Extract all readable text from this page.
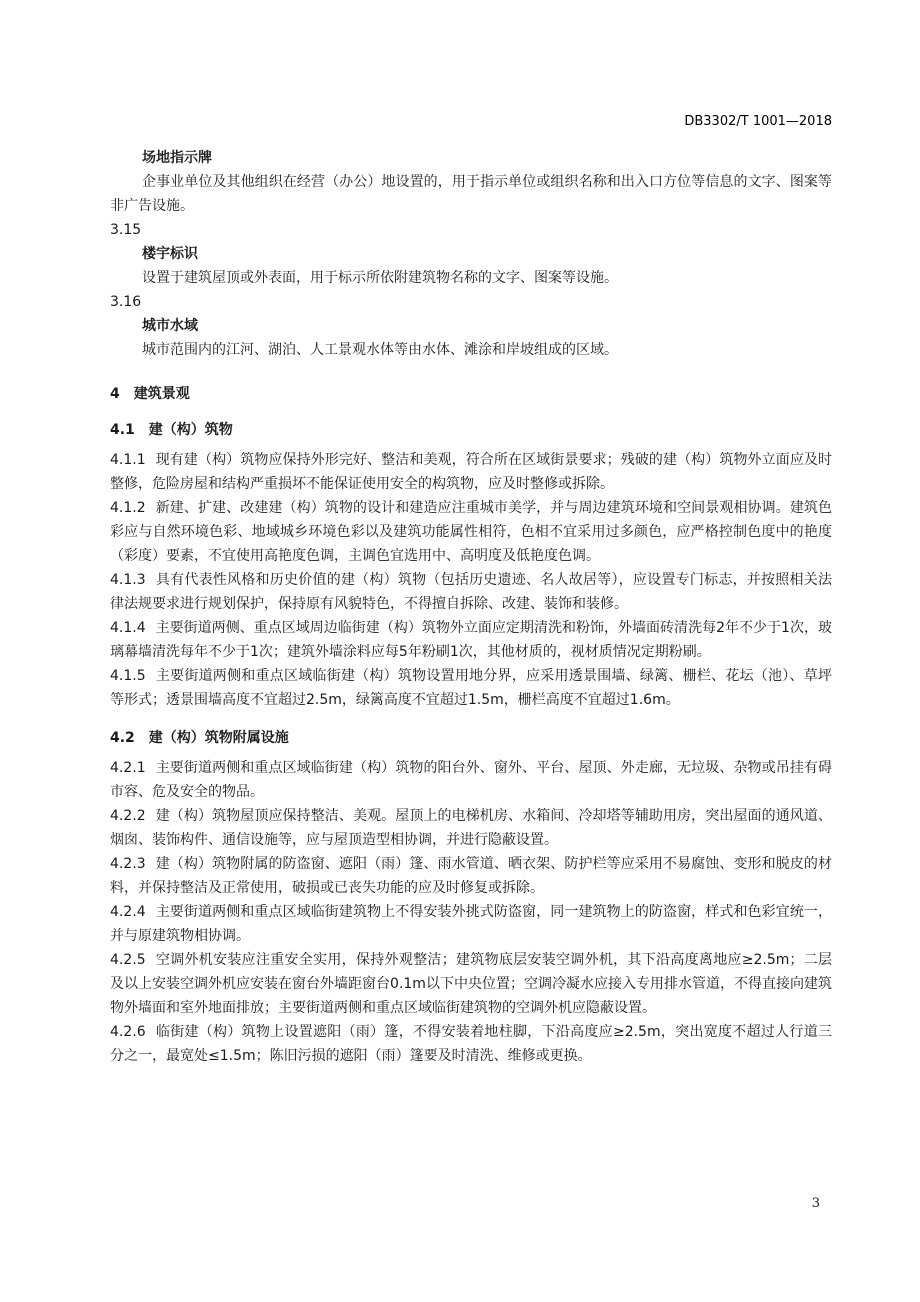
DB3302/T 1001—2018
场地指示牌
企事业单位及其他组织在经营（办公）地设置的，用于指示单位或组织名称和出入口方位等信息的文字、图案等非广告设施。
3.15
楼宇标识
设置于建筑屋顶或外表面，用于标示所依附建筑物名称的文字、图案等设施。
3.16
城市水域
城市范围内的江河、湖泊、人工景观水体等由水体、滩涂和岸坡组成的区域。
4　建筑景观
4.1　建（构）筑物
4.1.1 现有建（构）筑物应保持外形完好、整洁和美观，符合所在区域街景要求；残破的建（构）筑物外立面应及时整修，危险房屋和结构严重损坏不能保证使用安全的构筑物，应及时整修或拆除。
4.1.2 新建、扩建、改建建（构）筑物的设计和建造应注重城市美学，并与周边建筑环境和空间景观相协调。建筑色彩应与自然环境色彩、地域城乡环境色彩以及建筑功能属性相符，色相不宜采用过多颜色，应严格控制色度中的艳度（彩度）要素，不宜使用高艳度色调，主调色宜选用中、高明度及低艳度色调。
4.1.3 具有代表性风格和历史价值的建（构）筑物（包括历史遗迹、名人故居等），应设置专门标志，并按照相关法律法规要求进行规划保护，保持原有风貌特色，不得擅自拆除、改建、装饰和装修。
4.1.4 主要街道两侧、重点区域周边临街建（构）筑物外立面应定期清洗和粉饰，外墙面砖清洗每2年不少于1次，玻璃幕墙清洗每年不少于1次；建筑外墙涂料应每5年粉刷1次，其他材质的，视材质情况定期粉刷。
4.1.5 主要街道两侧和重点区域临街建（构）筑物设置用地分界，应采用透景围墙、绿篱、栅栏、花坛（池）、草坪等形式；透景围墙高度不宜超过2.5m，绿篱高度不宜超过1.5m，栅栏高度不宜超过1.6m。
4.2　建（构）筑物附属设施
4.2.1 主要街道两侧和重点区域临街建（构）筑物的阳台外、窗外、平台、屋顶、外走廊，无垃圾、杂物或吊挂有碍市容、危及安全的物品。
4.2.2 建（构）筑物屋顶应保持整洁、美观。屋顶上的电梯机房、水箱间、冷却塔等辅助用房，突出屋面的通风道、烟囱、装饰构件、通信设施等，应与屋顶造型相协调，并进行隐蔽设置。
4.2.3 建（构）筑物附属的防盗窗、遮阳（雨）篷、雨水管道、晒衣架、防护栏等应采用不易腐蚀、变形和脱皮的材料，并保持整洁及正常使用，破损或已丧失功能的应及时修复或拆除。
4.2.4 主要街道两侧和重点区域临街建筑物上不得安装外挑式防盗窗，同一建筑物上的防盗窗，样式和色彩宜统一，并与原建筑物相协调。
4.2.5 空调外机安装应注重安全实用，保持外观整洁；建筑物底层安装空调外机，其下沿高度离地应≥2.5m；二层及以上安装空调外机应安装在窗台外墙距窗台0.1m以下中央位置；空调冷凝水应接入专用排水管道，不得直接向建筑物外墙面和室外地面排放；主要街道两侧和重点区域临街建筑物的空调外机应隐蔽设置。
4.2.6 临街建（构）筑物上设置遮阳（雨）篷，不得安装着地柱脚，下沿高度应≥2.5m，突出宽度不超过人行道三分之一，最宽处≤1.5m；陈旧污损的遮阳（雨）篷要及时清洗、维修或更换。
3
